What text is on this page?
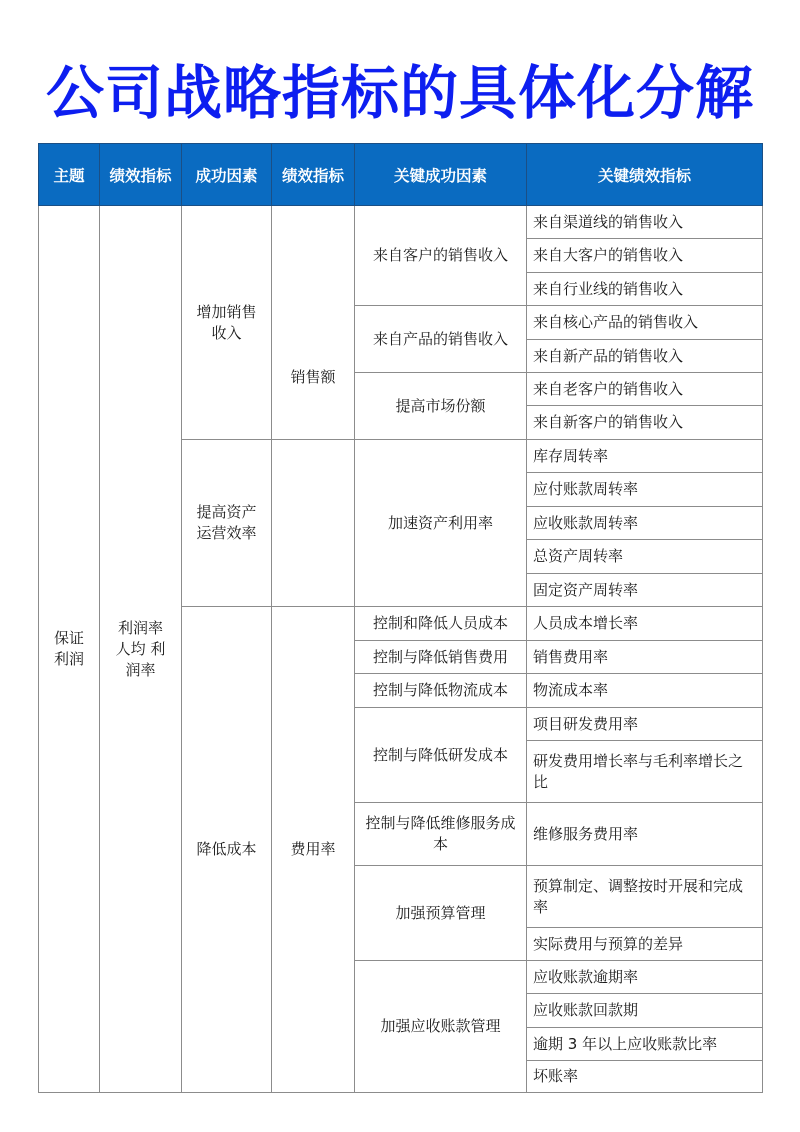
公司战略指标的具体化分解
主题	绩效指标	成功因素	绩效指标	关键成功因素	关键绩效指标
保证利润	利润率 人均 利润率	增加销售收入	销售额	来自客户的销售收入	来自渠道线的销售收入
					来自大客户的销售收入
					来自行业线的销售收入
				来自产品的销售收入	来自核心产品的销售收入
					来自新产品的销售收入
				提高市场份额	来自老客户的销售收入
					来自新客户的销售收入
		提高资产运营效率		加速资产利用率	库存周转率
					应付账款周转率
					应收账款周转率
					总资产周转率
					固定资产周转率
		降低成本	费用率	控制和降低人员成本	人员成本增长率
				控制与降低销售费用	销售费用率
				控制与降低物流成本	物流成本率
				控制与降低研发成本	项目研发费用率
					研发费用增长率与毛利率增长之比
				控制与降低维修服务成本	维修服务费用率
				加强预算管理	预算制定、调整按时开展和完成率
					实际费用与预算的差异
				加强应收账款管理	应收账款逾期率
					应收账款回款期
					逾期 3 年以上应收账款比率
					坏账率
